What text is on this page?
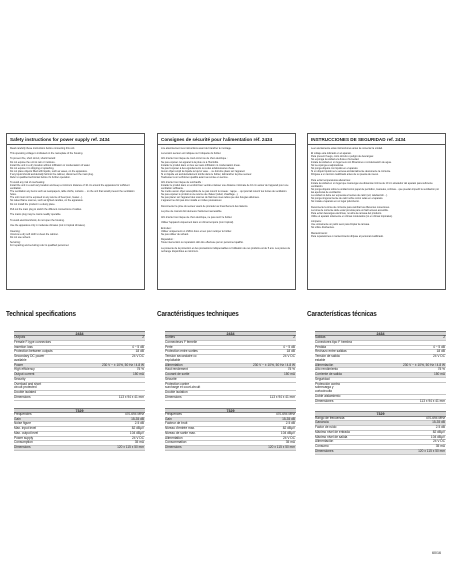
Safety instructions for power supply ref. 2434
Read carefully these instructions before connecting this unit.
This operating voltage is indicated on the nameplate of the housing.
To prevent fire, short circuit, shock hazard:
Do not expose the unit to rain or moisture.
Install the unit in a dry location without infiltration or condensation of water.
Do not expose it to dripping or splashing.
Do not place objects filled with liquids, such as vases, on the apparatus.
If any liquid should accidentally fall into the cabinet, disconnect the main plug.
Refer to qualified technician before it's further operation.
To avoid any risk of overheating:
Install the unit in a well vary location and keep a minimum distance of 10 cm around the apparatus for sufficient ventilation.
The ventilation any items such as newspapers, table cloths, curtains ... on the unit that would prevent the ventilation holes.
The unit must not be exposed to any source of heat (sun, heater...).
No naked flame sources, such as lighted candles, on the apparatus.
Do not install the product in a dusty place.
Pull out the main plug to switch the different connections of cables.
The mains plug may be mains readily operable.
To avoid electrical shock, do not open the housing.
Use the apparatus only in moderate climates (not in tropical climates).
Cleaning:
Unscrew a dry soft cloth to clean the cabinet.
Do not use solvent.
Servicing:
For repairing and servicing refer to qualified personnel.
Consignes de sécurité pour l'alimentation réf. 2434
Lire attentivement ces instructions avant de brancher le montage.
La tension secteur est indiquée sur l'étiquette du boîtier.
Afin d'éviter tout risque de court-circuit ou de choc électrique :
Ne pas exposer cet appareil à la pluie ou à l'humidité.
Installer le produit dans un lieu sec sans infiltration ni condensation d'eau.
Ne pas l'exposer à des égouttements ou à des éclaboussures d'eau.
Aucun objet rempli de liquide tel qu'un vase ... ne doit être placé sur l'appareil.
Si un liquide est accidentellement tombé dans le boîtier, débrancher la prise secteur.
S'adresser à un technicien qualifié avant sa remise en service.
Afin d'éviter tout risque de surchauffe :
Installer le produit dans un endroit bien ventilé et laisser une distance minimale de 10 cm autour de l'appareil pour une ventilation suffisante.
Ne mettre aucun objet susceptible de ne pas couvrir le réseau : nappe ... qui pourrait couvrir les fentes de ventilation.
Ne pas exposer le produit à une source de chaleur (soleil, chauffage...).
Ne pas placer sur l'appareil des sources de flammes nues telles que des bougies allumées.
L'appareil ne doit pas être installé en milieu poussiéreux.
Déconnecter la prise du secteur avant de procéder au branchement des liaisons.
La prise de courant doit demeurer facilement accessible.
Afin d'éviter tout risque de choc électrique, ne pas ouvrir le boîtier.
Utiliser l'appareil uniquement dans un climat tempéré (non tropical).
Entretien :
Utiliser uniquement un chiffon doux et sec pour nettoyer le boîtier.
Ne pas utiliser de solvant.
Réparation :
Toute intervention ou réparation doit être effectuée par un personnel qualifié.
La présente de la protection et des précautions indispensables à l'utilisation de ces produits est de 5 ans. Les pièces de rechange disponibles au minimum.
INSTRUCCIONES DE SEGURIDAD ref. 2434
Leer atentamente estas instrucciones antes de conectar la unidad.
El voltaje esta indicado en el aparato.
Para prevenir fuego, corto circuito o peligro de descargas:
No exponga la unidad a la lluvia o humedad.
Instale la unidad en un lugar seco sin filtraciones o condensación de agua.
No la exponga a salpicaduras.
No ponga objetos con líquido en el aparato.
Si un objeto líquido se le accesa accidentalmente desconecte la corriente.
Dirígase a un técnico cualificado antes de su puesta de nuevo.
Para evitar temperaturas alterarntes:
Instale la unidad en un lugar que mantenga una distancia mínima de 10 cm alrededor del aparato para suficiente ventilación.
No ponga objetos sobre la unidad como papel de periódico, manteles, cortinas... que puedan impedir la ventilación por las aperturas de ventilación.
La unidad no debe ser expuesta a fuentes de calor (sol, calefacción...).
No ponga ninguna fuente de calor sobre como velas en el aparato.
No instale el aparato en un lugar polvoriento.
Desconecte la toma de corriente para cambiar las diferentes conexiones.
La toma de corriente debe estar prevista para un fácil acceso accesible.
Para evitar descargas eléctricas, no abra la carcasa del producto.
Utilice el aparato solamente en climas moderados (no en climas tropicales).
Limpieza:
Use unicamente un paño seco para limpiar la carcasa.
No utilice disolventes.
Mantenimiento:
Para reparaciones o mantenimiento diríjase al personal cualificado.
Technical specifications
2434
Outputs	2
Female F-type connectors
Insertion loss	4 ~ 5 dB
Protection between outputs	18 dB
Secondary DC power
available
24 V DC
Power	230 V ~ ± 10%, 50 Hz / 4.8 W
High efficiency	75 %
Output current	150 mA
Security
Overload and short
circuit protected
Double isolated
Dimensions	113 x 94 x 41 mm
7329
Frequencies	470-694 MHz
Gain	15-35 dB
Noise figure	2.5 dB
Max. input level	82 dBµV
Max. output level	104 dBµV
Power supply	24 V DC
Consumption	35 mA
Dimensions	120 x 115 x 50 mm
Caractéristiques techniques
2434
Sorties	2
Connecteurs F femelle
Perte	4 ~ 5 dB
Protection entre sorties	18 dB
Tension secondaire cc
exploitable
24 V DC
Alimentation	230 V ~ ± 10%, 50 Hz / 4.8 W
Haut rendement	75 %
Courant de sortie	150 mA
Sécurité
Protection contre
surcharge et court-circuit
Double isolation
Dimensions	113 x 94 x 41 mm
7329
Fréquences	470-694 MHz
Gain	15-35 dB
Facteur de bruit	2.5 dB
Niveau d'entrée max.	82 dBµV
Niveau de sortie max.	104 dBµV
Alimentation	24 V DC
Consommation	35 mA
Dimensions	120 x 115 x 50 mm
Características técnicas
2434
Salidas	2
Conectores tipo F hembra
Pérdida	4 ~ 5 dB
Rechazo entre salidas	18 dB
Tensión de salida
estable
24 V DC
Alimentación	230 V ~ ± 10%, 50 Hz / 4.8 W
Alto rendimiento	75 %
Corriente de salida	150 mA
Seguridad
Protección contra
sobrecarga y
cortocircuito
Doble aislamiento
Dimensiones	113 x 94 x 41 mm
7329
Rango de frecuencia	470-694 MHz
Ganancia	15-35 dB
Factor de ruido	2.5 dB
Máximo nivel de entrada	82 dBµV
Máximo nivel de salida	104 dBµV
Alimentación	24 V DC
Consumo	35 mA
Dimensiones	120 x 115 x 50 mm
60/16
